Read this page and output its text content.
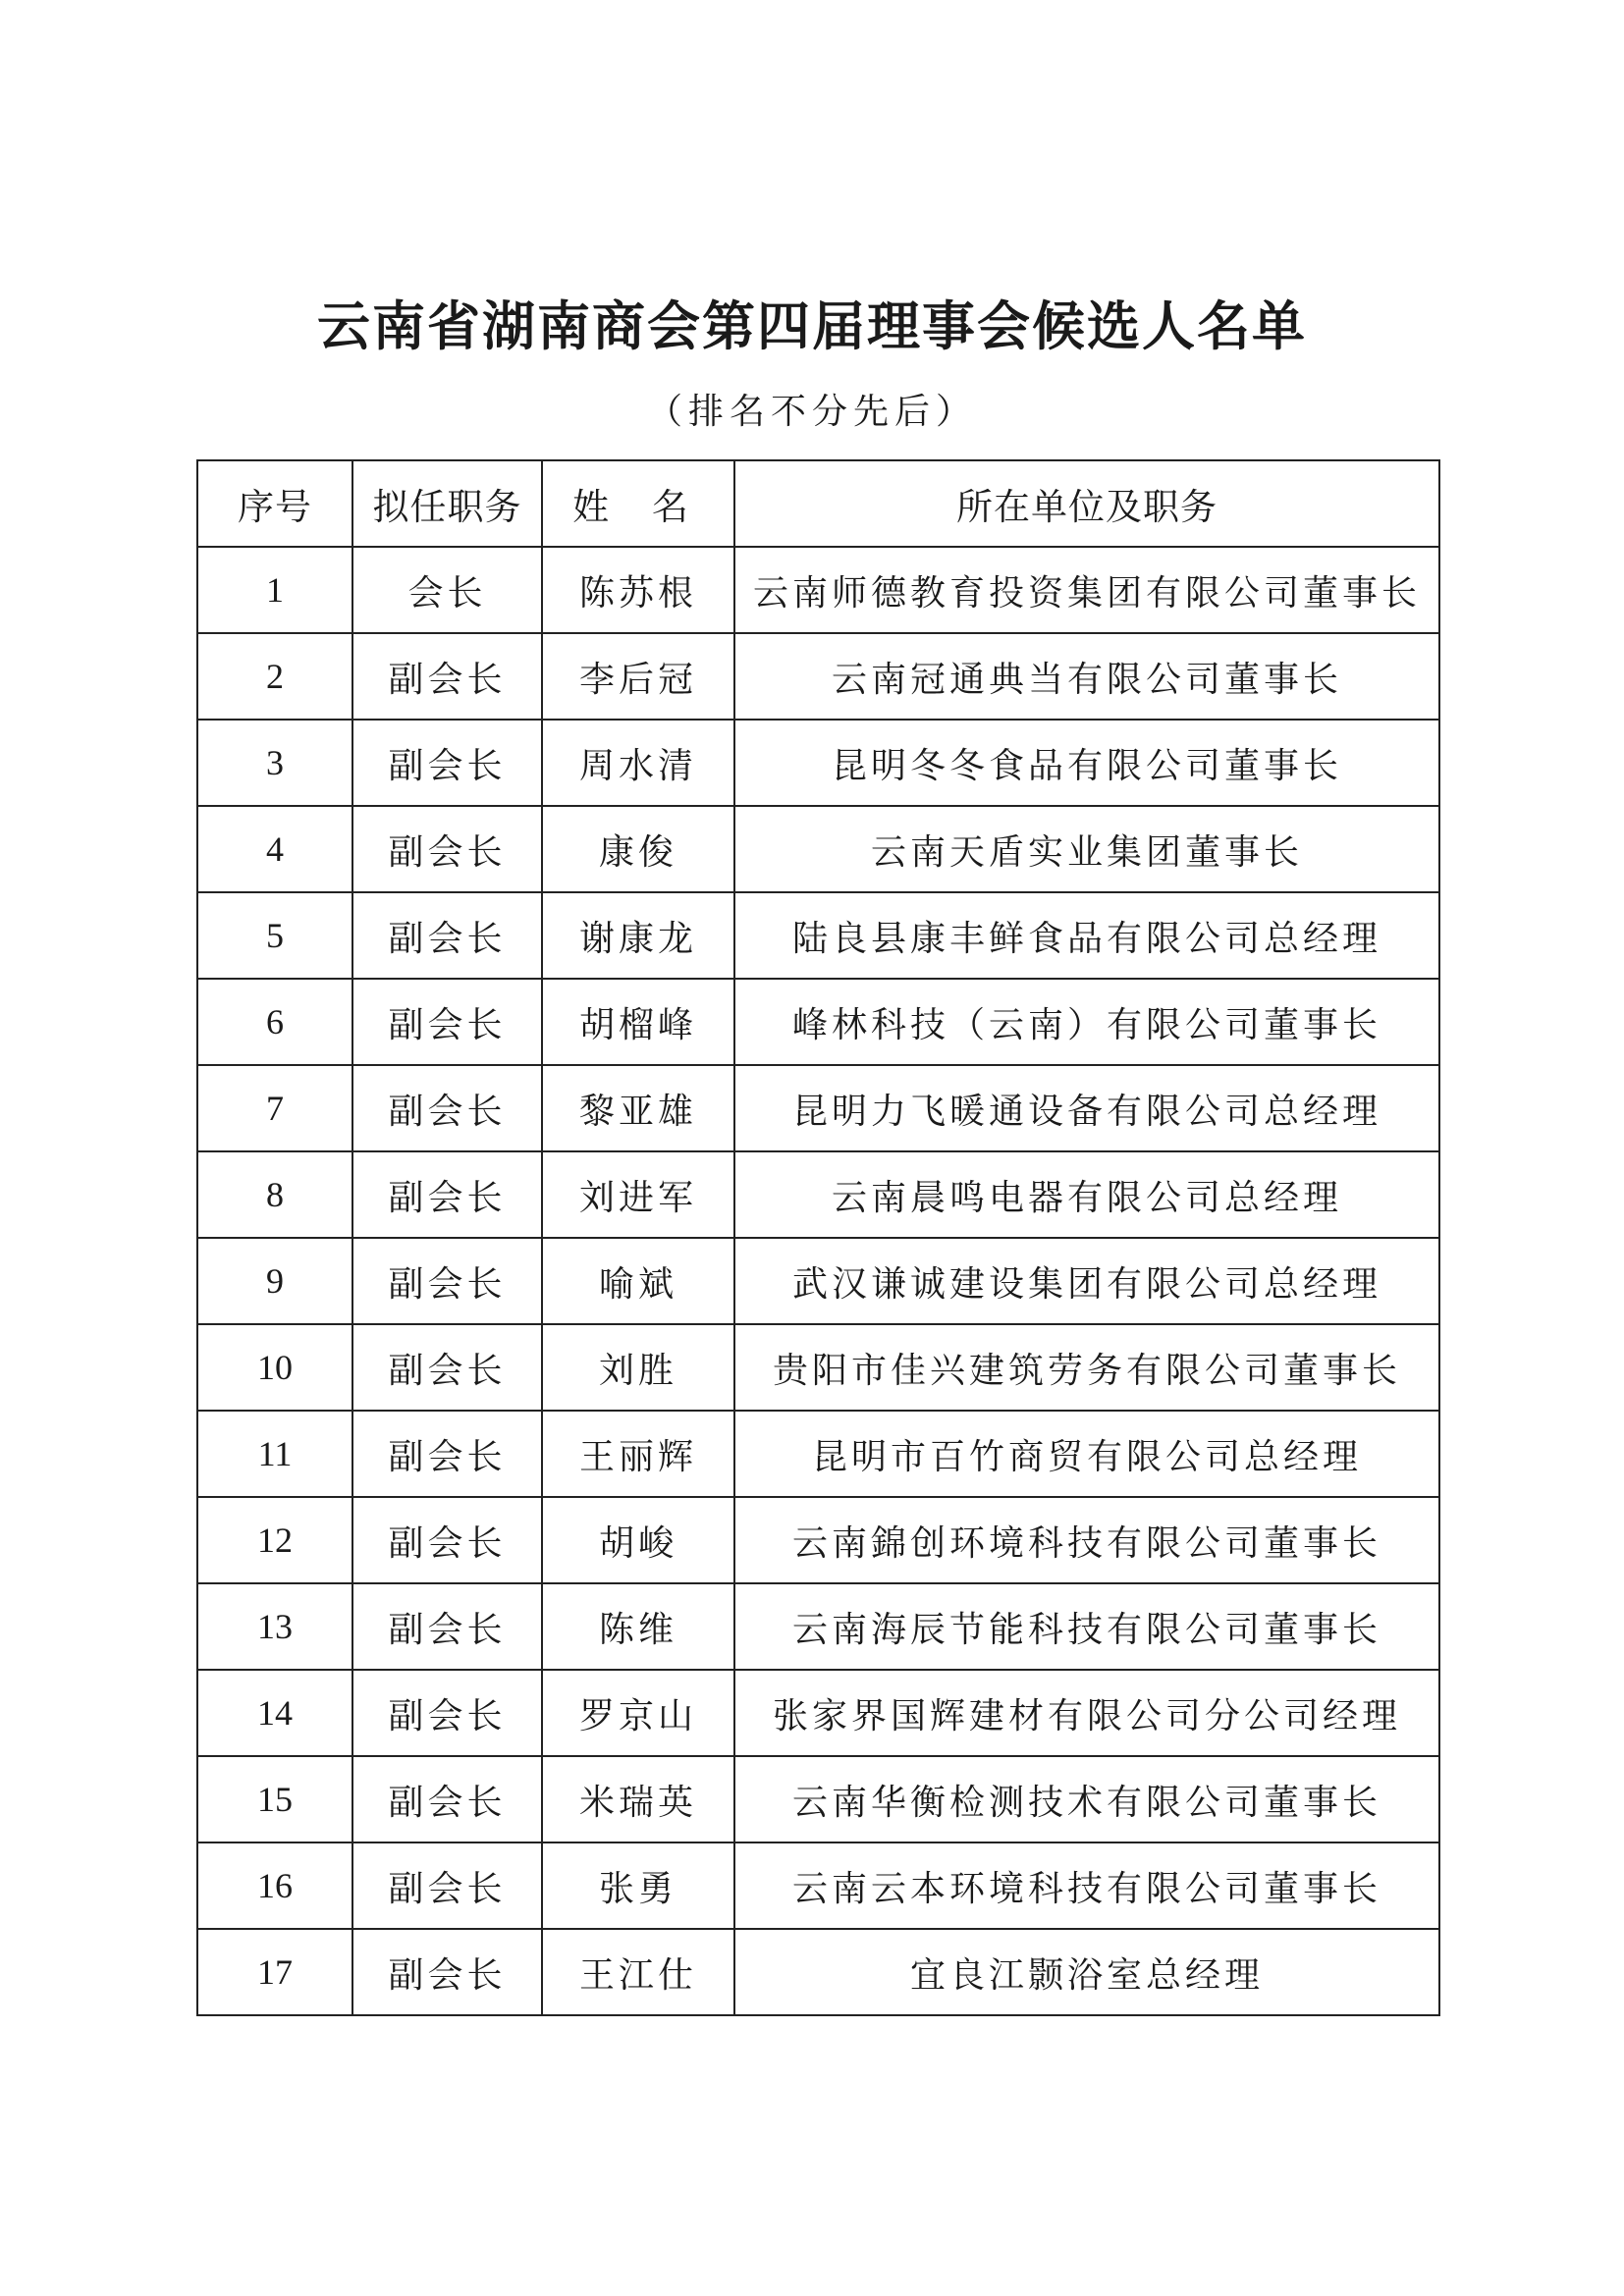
云南省湖南商会第四届理事会候选人名单
（排名不分先后）
序号	拟任职务	姓 名	所在单位及职务
1	会长	陈苏根	云南师德教育投资集团有限公司董事长
2	副会长	李后冠	云南冠通典当有限公司董事长
3	副会长	周水清	昆明冬冬食品有限公司董事长
4	副会长	康俊	云南天盾实业集团董事长
5	副会长	谢康龙	陆良县康丰鲜食品有限公司总经理
6	副会长	胡榴峰	峰林科技（云南）有限公司董事长
7	副会长	黎亚雄	昆明力飞暖通设备有限公司总经理
8	副会长	刘进军	云南晨鸣电器有限公司总经理
9	副会长	喻斌	武汉谦诚建设集团有限公司总经理
10	副会长	刘胜	贵阳市佳兴建筑劳务有限公司董事长
11	副会长	王丽辉	昆明市百竹商贸有限公司总经理
12	副会长	胡峻	云南錦创环境科技有限公司董事长
13	副会长	陈维	云南海辰节能科技有限公司董事长
14	副会长	罗京山	张家界国辉建材有限公司分公司经理
15	副会长	米瑞英	云南华衡检测技术有限公司董事长
16	副会长	张勇	云南云本环境科技有限公司董事长
17	副会长	王江仕	宜良江颢浴室总经理
